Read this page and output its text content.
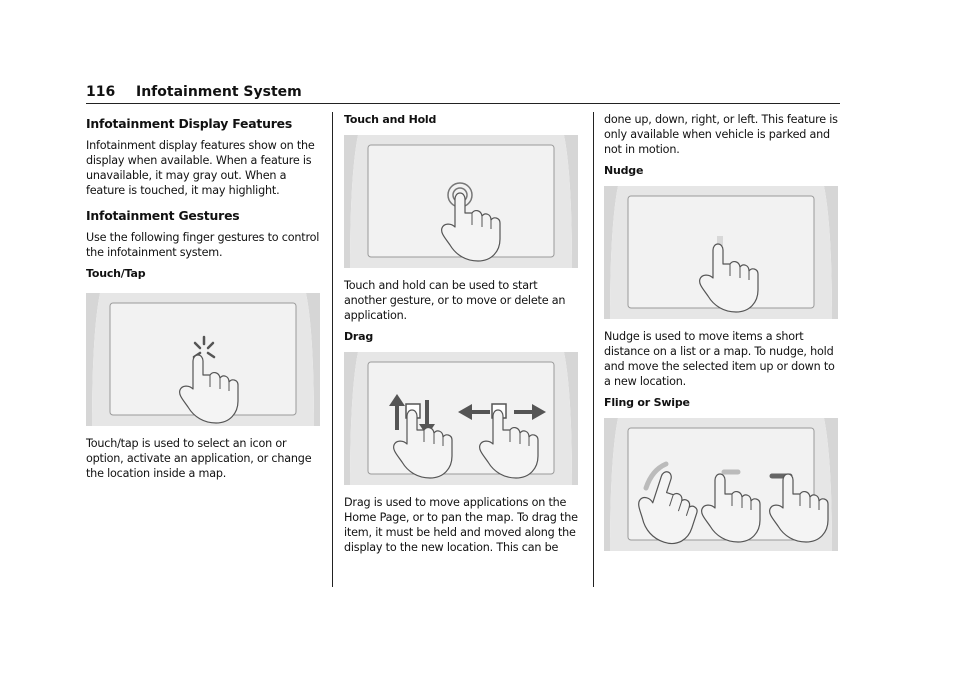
116 Infotainment System
Infotainment Display Features

Infotainment display features show on the display when available. When a feature is unavailable, it may gray out. When a feature is touched, it may highlight.

Infotainment Gestures

Use the following finger gestures to control the infotainment system.

Touch/Tap

Touch/tap is used to select an icon or option, activate an application, or change the location inside a map.

Touch and Hold

Touch and hold can be used to start another gesture, or to move or delete an application.

Drag

Drag is used to move applications on the Home Page, or to pan the map. To drag the item, it must be held and moved along the display to the new location. This can be

done up, down, right, or left. This feature is only available when vehicle is parked and not in motion.

Nudge

Nudge is used to move items a short distance on a list or a map. To nudge, hold and move the selected item up or down to a new location.

Fling or Swipe
